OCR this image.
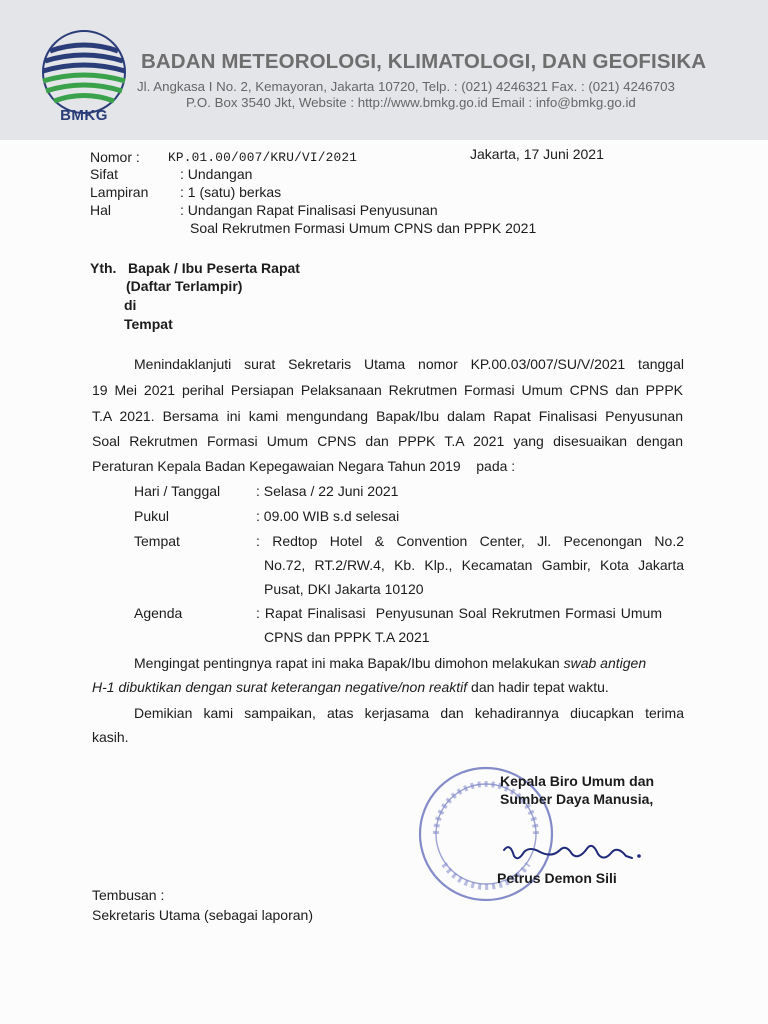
BMKG
BADAN METEOROLOGI, KLIMATOLOGI, DAN GEOFISIKA
Jl. Angkasa I No. 2, Kemayoran, Jakarta 10720, Telp. : (021) 4246321 Fax. : (021) 4246703
P.O. Box 3540 Jkt, Website : http://www.bmkg.go.id Email : info@bmkg.go.id
Nomor : KP.01.00/007/KRU/VI/2021	Jakarta, 17 Juni 2021
Sifat	: Undangan
Lampiran : 1 (satu) berkas
Hal	: Undangan Rapat Finalisasi Penyusunan
Soal Rekrutmen Formasi Umum CPNS dan PPPK 2021
Yth. Bapak / Ibu Peserta Rapat
(Daftar Terlampir)
di
Tempat
Menindaklanjuti surat Sekretaris Utama nomor KP.00.03/007/SU/V/2021 tanggal
19 Mei 2021 perihal Persiapan Pelaksanaan Rekrutmen Formasi Umum CPNS dan PPPK
T.A 2021. Bersama ini kami mengundang Bapak/Ibu dalam Rapat Finalisasi Penyusunan
Soal Rekrutmen Formasi Umum CPNS dan PPPK T.A 2021 yang disesuaikan dengan
Peraturan Kepala Badan Kepegawaian Negara Tahun 2019    pada :
Hari / Tanggal	: Selasa / 22 Juni 2021
Pukul	: 09.00 WIB s.d selesai
Tempat	: Redtop Hotel & Convention Center, Jl. Pecenongan No.2
No.72, RT.2/RW.4, Kb. Klp., Kecamatan Gambir, Kota Jakarta
Pusat, DKI Jakarta 10120
Agenda	: Rapat Finalisasi  Penyusunan Soal Rekrutmen Formasi Umum
CPNS dan PPPK T.A 2021
Mengingat pentingnya rapat ini maka Bapak/Ibu dimohon melakukan swab antigen
H-1 dibuktikan dengan surat keterangan negative/non reaktif dan hadir tepat waktu.
Demikian kami sampaikan, atas kerjasama dan kehadirannya diucapkan terima
kasih.
Kepala Biro Umum dan
Sumber Daya Manusia,
Petrus Demon Sili
Tembusan :
Sekretaris Utama (sebagai laporan)
